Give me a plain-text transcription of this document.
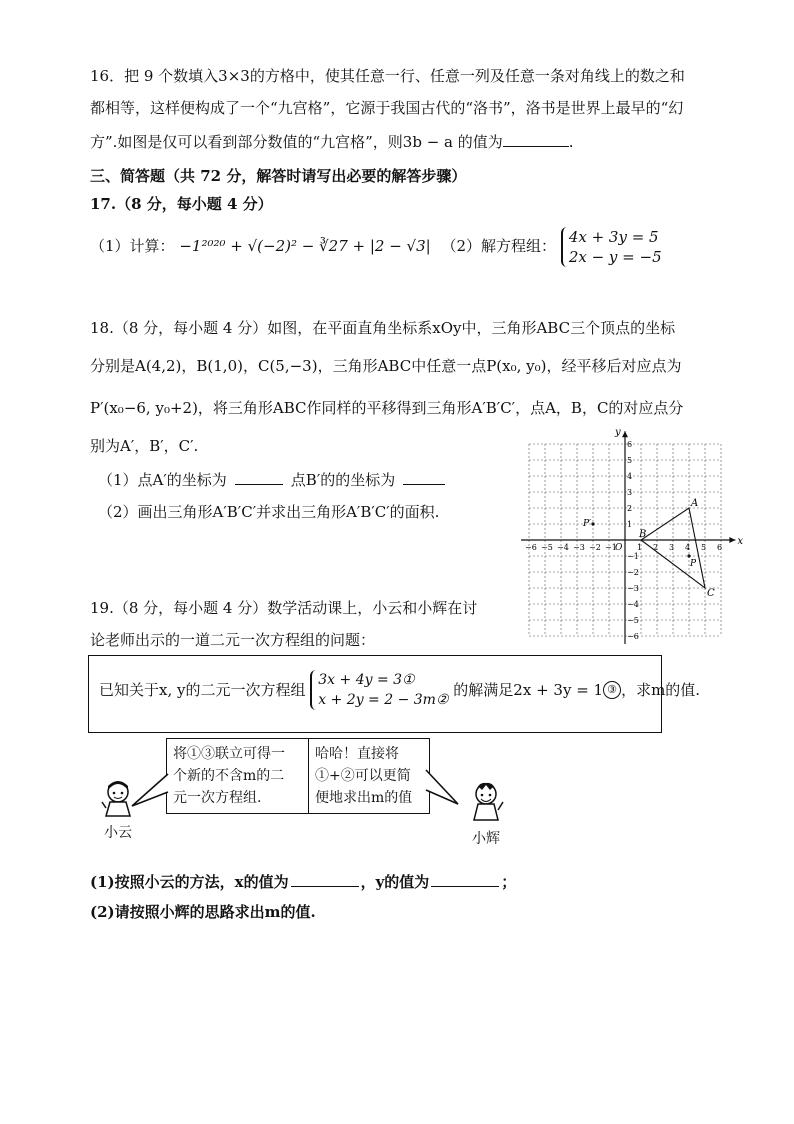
16．把 9 个数填入3×3的方格中，使其任意一行、任意一列及任意一条对角线上的数之和
都相等，这样便构成了一个“九宫格”，它源于我国古代的“洛书”，洛书是世界上最早的“幻
方”.如图是仅可以看到部分数值的“九宫格”，则3b − a 的值为	.
三、简答题（共 72 分，解答时请写出必要的解答步骤）
17.（8 分，每小题 4 分）
（1）计算： −1²⁰²⁰ + √(−2)² − ∛27 + |2 − √3| （2）解方程组： 4x + 3y = 5
2x − y = −5
18.（8 分，每小题 4 分）如图，在平面直角坐标系xOy中，三角形ABC三个顶点的坐标
分别是A(4,2)，B(1,0)，C(5,−3)，三角形ABC中任意一点P(x₀, y₀)，经平移后对应点为
P′(x₀−6, y₀+2)，将三角形ABC作同样的平移得到三角形A′B′C′，点A，B，C的对应点分
别为A′，B′，C′.
（1）点A′的坐标为	点B′的的坐标为
（2）画出三角形A′B′C′并求出三角形A′B′C′的面积.
x
y
O
−6 −5 −4 −3 −2 −1	1 2 3 4 5 6
6
5
4
3
2
1
−1
−2
−3
−4
−5
−6
A
B
C
P
P′
19.（8 分，每小题 4 分）数学活动课上，小云和小辉在讨
论老师出示的一道二元一次方程组的问题：
已知关于x, y的二元一次方程组 3x + 4y = 3①
x + 2y = 2 − 3m② 的解满足2x + 3y = 1 ③ ，求m的值.
将①③联立可得一
个新的不含m的二
元一次方程组.
哈哈！直接将
①+②可以更简
便地求出m的值
小云	小辉
(1)按照小云的方法，x的值为	，y的值为	；
(2)请按照小辉的思路求出m的值.
